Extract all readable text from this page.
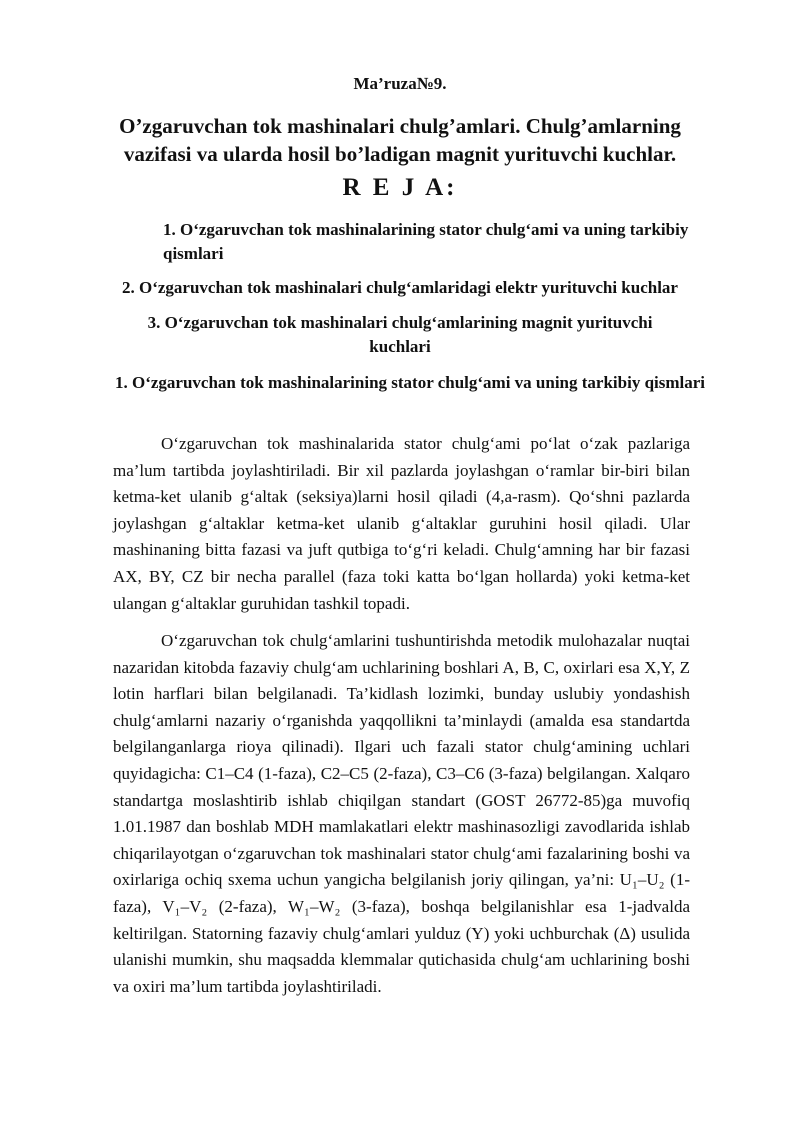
Ma’ruza№9.

O’zgaruvchan tok mashinalari chulg’amlari. Chulg’amlarning vazifasi va ularda hosil bo’ladigan magnit yurituvchi kuchlar.
R E J A:

1. O‘zgaruvchan tok mashinalarining stator chulg‘ami va uning tarkibiy qismlari

2. O‘zgaruvchan tok mashinalari chulg‘amlaridagi elektr yurituvchi kuchlar

3. O‘zgaruvchan tok mashinalari chulg‘amlarining magnit yurituvchi kuchlari

1. O‘zgaruvchan tok mashinalarining stator chulg‘ami va uning tarkibiy qismlari

O‘zgaruvchan tok mashinalarida stator chulg‘ami po‘lat o‘zak pazlariga ma’lum tartibda joylashtiriladi. Bir xil pazlarda joylashgan o‘ramlar bir-biri bilan ketma-ket ulanib g‘altak (seksiya)larni hosil qiladi (4,a-rasm). Qo‘shni pazlarda joylashgan g‘altaklar ketma-ket ulanib g‘altaklar guruhini hosil qiladi. Ular mashinaning bitta fazasi va juft qutbiga to‘g‘ri keladi. Chulg‘amning har bir fazasi AX, BY, CZ bir necha parallel (faza toki katta bo‘lgan hollarda) yoki ketma-ket ulangan g‘altaklar guruhidan tashkil topadi.

O‘zgaruvchan tok chulg‘amlarini tushuntirishda metodik mulohazalar nuqtai nazaridan kitobda fazaviy chulg‘am uchlarining boshlari A, B, C, oxirlari esa X,Y, Z lotin harflari bilan belgilanadi. Ta’kidlash lozimki, bunday uslubiy yondashish chulg‘amlarni nazariy o‘rganishda yaqqollikni ta’minlaydi (amalda esa standartda belgilanganlarga rioya qilinadi). Ilgari uch fazali stator chulg‘amining uchlari quyidagicha: C1–C4 (1-faza), C2–C5 (2-faza), C3–C6 (3-faza) belgilangan. Xalqaro standartga moslashtirib ishlab chiqilgan standart (GOST 26772-85)ga muvofiq 1.01.1987 dan boshlab MDH mamlakatlari elektr mashinasozligi zavodlarida ishlab chiqarilayotgan o‘zgaruvchan tok mashinalari stator chulg‘ami fazalarining boshi va oxirlariga ochiq sxema uchun yangicha belgilanish joriy qilingan, ya’ni: U₁–U₂ (1-faza), V₁–V₂ (2-faza), W₁–W₂ (3-faza), boshqa belgilanishlar esa 1-jadvalda keltirilgan. Statorning fazaviy chulg‘amlari yulduz (Y) yoki uchburchak (Δ) usulida ulanishi mumkin, shu maqsadda klemmalar qutichasida chulg‘am uchlarining boshi va oxiri ma’lum tartibda joylashtiriladi.
